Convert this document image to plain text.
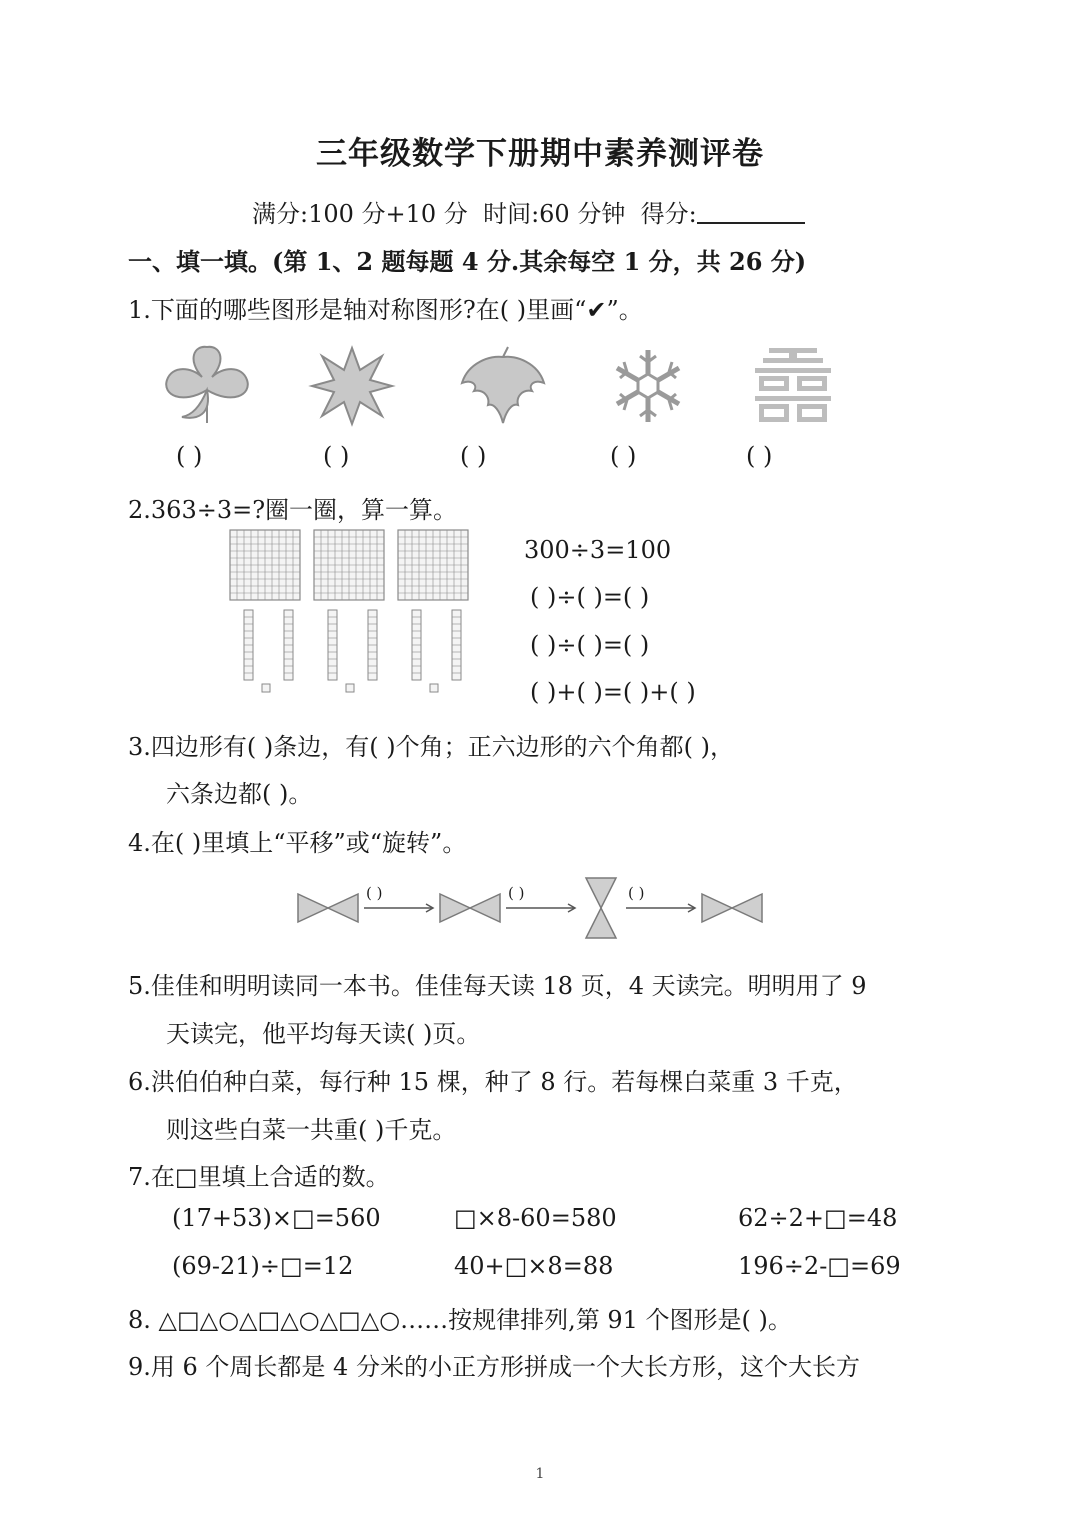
三年级数学下册期中素养测评卷
满分:100 分+10 分 时间:60 分钟 得分:
一、填一填。(第 1、2 题每题 4 分.其余每空 1 分，共 26 分)
1.下面的哪些图形是轴对称图形?在( )里画“✔”。
( )	( )	( )	( )	( )
2.363÷3=?圈一圈，算一算。
300÷3=100
( )÷( )=( )
( )÷( )=( )
( )+( )=( )+( )
3.四边形有( )条边，有( )个角；正六边形的六个角都( )，
六条边都( )。
4.在( )里填上“平移”或“旋转”。
( )	( )	( )
5.佳佳和明明读同一本书。佳佳每天读 18 页，4 天读完。明明用了 9
天读完，他平均每天读( )页。
6.洪伯伯种白菜，每行种 15 棵，种了 8 行。若每棵白菜重 3 千克，
则这些白菜一共重( )千克。
7.在□里填上合适的数。
(17+53)×□=560	□×8-60=580	62÷2+□=48
(69-21)÷□=12	40+□×8=88	196÷2-□=69
8. △□△○△□△○△□△○……按规律排列,第 91 个图形是( )。
9.用 6 个周长都是 4 分米的小正方形拼成一个大长方形，这个大长方
1
